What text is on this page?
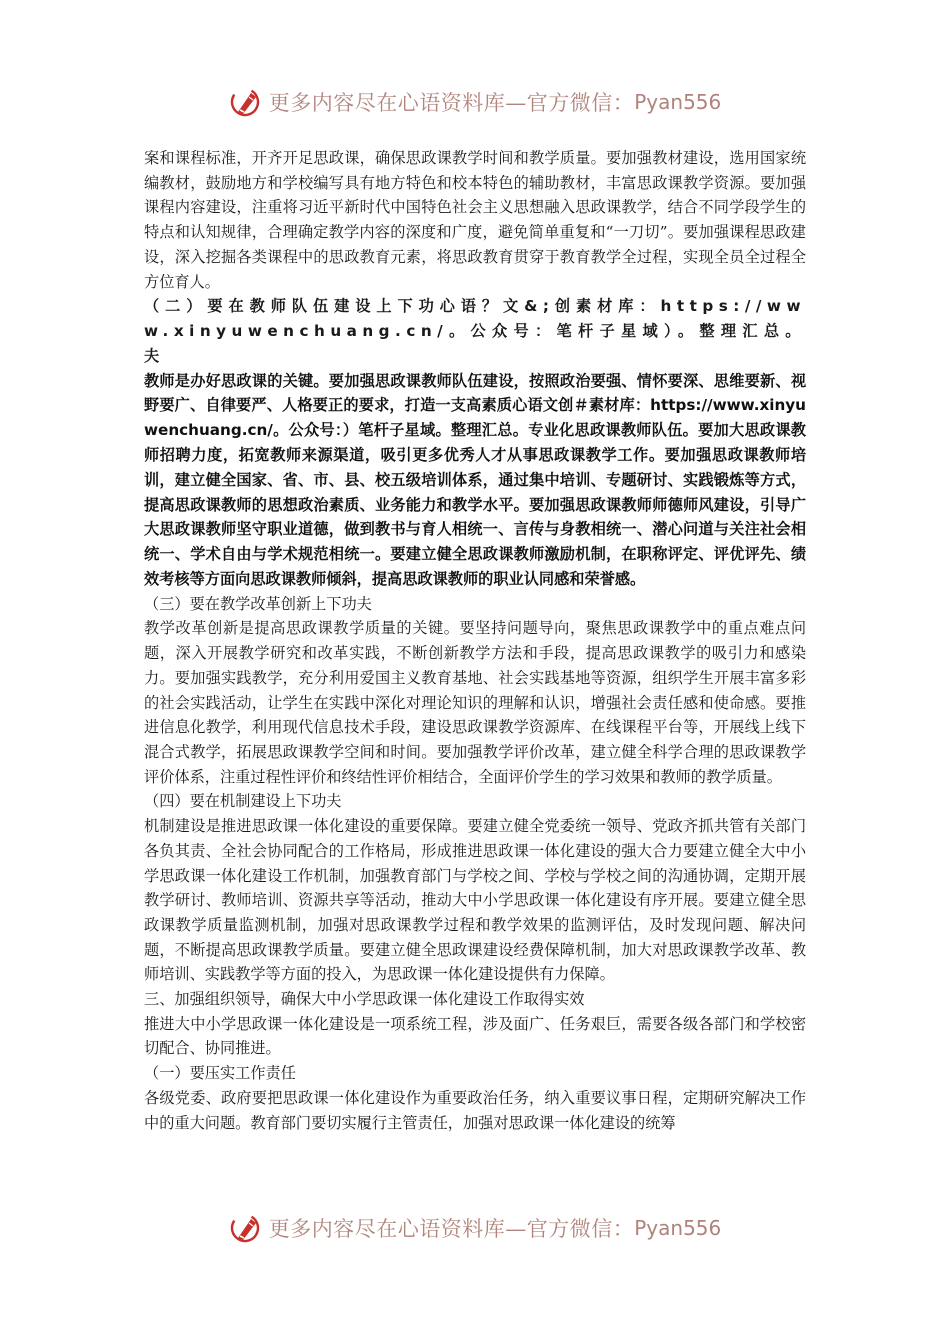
更多内容尽在心语资料库—官方微信： Pyan556

案和课程标准，开齐开足思政课，确保思政课教学时间和教学质量。要加强教材建设，选用国家统编教材，鼓励地方和学校编写具有地方特色和校本特色的辅助教材，丰富思政课教学资源。要加强课程内容建设，注重将习近平新时代中国特色社会主义思想融入思政课教学，结合不同学段学生的特点和认知规律，合理确定教学内容的深度和广度，避免简单重复和“一刀切”。要加强课程思政建设，深入挖掘各类课程中的思政教育元素，将思政教育贯穿于教育教学全过程，实现全员全过程全方位育人。

（二）要在教师队伍建设上下功心语？文&;创素材库：https://www.xinyuwenchuang.cn/。公众号：笔杆子星域）。整理汇总。夫

教师是办好思政课的关键。要加强思政课教师队伍建设，按照政治要强、情怀要深、思维要新、视野要广、自律要严、人格要正的要求，打造一支高素质心语文创＃素材库：https://www.xinyuwenchuang.cn/。公众号：）笔杆子星域。整理汇总。专业化思政课教师队伍。要加大思政课教师招聘力度，拓宽教师来源渠道，吸引更多优秀人才从事思政课教学工作。要加强思政课教师培训，建立健全国家、省、市、县、校五级培训体系，通过集中培训、专题研讨、实践锻炼等方式，提高思政课教师的思想政治素质、业务能力和教学水平。要加强思政课教师师德师风建设，引导广大思政课教师坚守职业道德，做到教书与育人相统一、言传与身教相统一、潜心问道与关注社会相统一、学术自由与学术规范相统一。要建立健全思政课教师激励机制，在职称评定、评优评先、绩效考核等方面向思政课教师倾斜，提高思政课教师的职业认同感和荣誉感。

（三）要在教学改革创新上下功夫

教学改革创新是提高思政课教学质量的关键。要坚持问题导向，聚焦思政课教学中的重点难点问题，深入开展教学研究和改革实践，不断创新教学方法和手段，提高思政课教学的吸引力和感染力。要加强实践教学，充分利用爱国主义教育基地、社会实践基地等资源，组织学生开展丰富多彩的社会实践活动，让学生在实践中深化对理论知识的理解和认识，增强社会责任感和使命感。要推进信息化教学，利用现代信息技术手段，建设思政课教学资源库、在线课程平台等，开展线上线下混合式教学，拓展思政课教学空间和时间。要加强教学评价改革，建立健全科学合理的思政课教学评价体系，注重过程性评价和终结性评价相结合，全面评价学生的学习效果和教师的教学质量。

（四）要在机制建设上下功夫

机制建设是推进思政课一体化建设的重要保障。要建立健全党委统一领导、党政齐抓共管有关部门各负其责、全社会协同配合的工作格局，形成推进思政课一体化建设的强大合力要建立健全大中小学思政课一体化建设工作机制，加强教育部门与学校之间、学校与学校之间的沟通协调，定期开展教学研讨、教师培训、资源共享等活动，推动大中小学思政课一体化建设有序开展。要建立健全思政课教学质量监测机制，加强对思政课教学过程和教学效果的监测评估，及时发现问题、解决问题，不断提高思政课教学质量。要建立健全思政课建设经费保障机制，加大对思政课教学改革、教师培训、实践教学等方面的投入，为思政课一体化建设提供有力保障。

三、加强组织领导，确保大中小学思政课一体化建设工作取得实效

推进大中小学思政课一体化建设是一项系统工程，涉及面广、任务艰巨，需要各级各部门和学校密切配合、协同推进。

（一）要压实工作责任

各级党委、政府要把思政课一体化建设作为重要政治任务，纳入重要议事日程，定期研究解决工作中的重大问题。教育部门要切实履行主管责任，加强对思政课一体化建设的统筹

更多内容尽在心语资料库—官方微信： Pyan556
